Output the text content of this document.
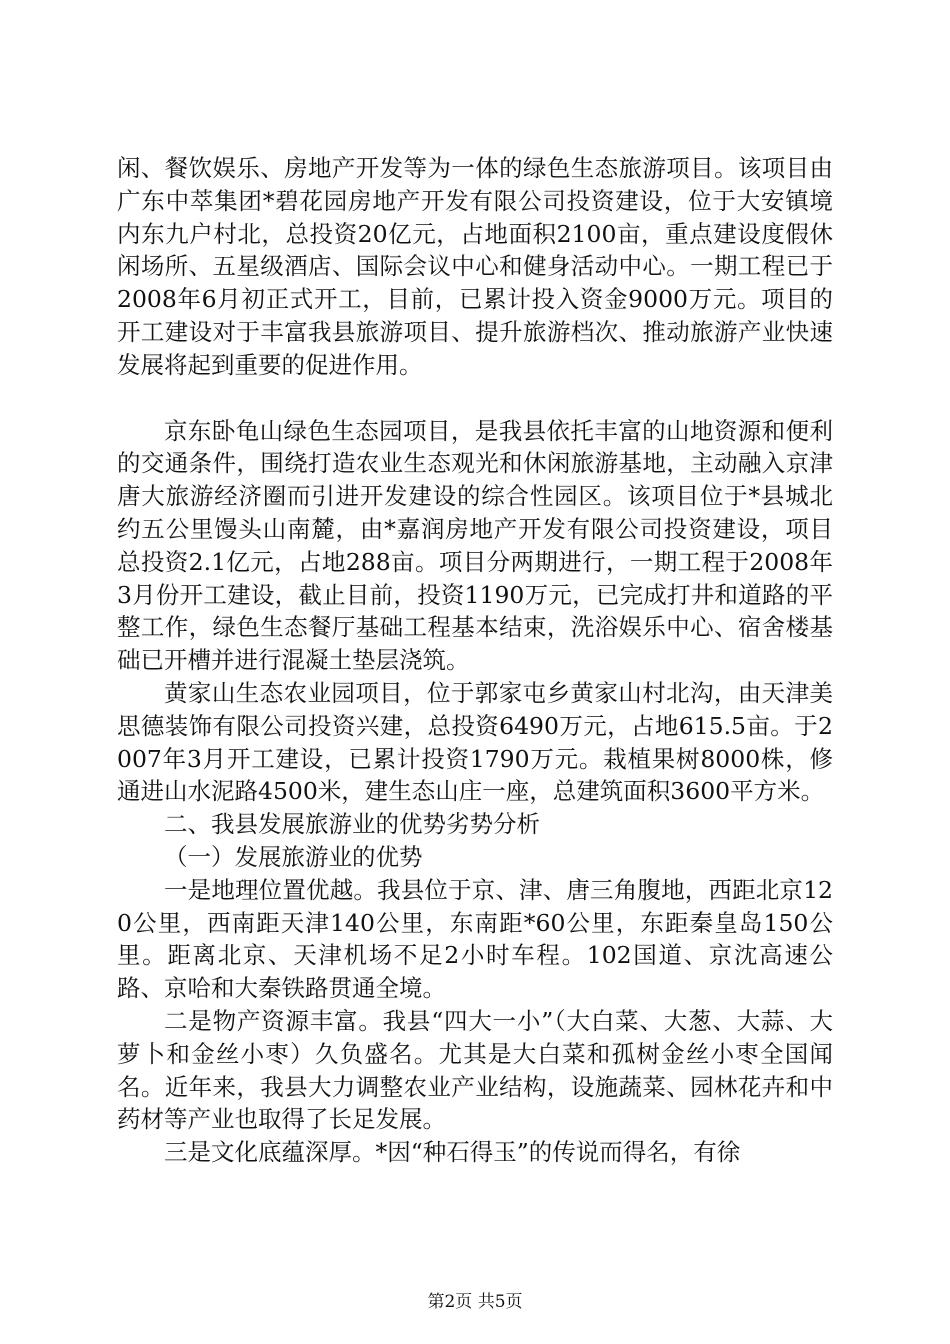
闲、餐饮娱乐、房地产开发等为一体的绿色生态旅游项目。该项目由广东中萃集团*碧花园房地产开发有限公司投资建设，位于大安镇境内东九户村北，总投资20亿元，占地面积2100亩，重点建设度假休闲场所、五星级酒店、国际会议中心和健身活动中心。一期工程已于2008年6月初正式开工，目前，已累计投入资金9000万元。项目的开工建设对于丰富我县旅游项目、提升旅游档次、推动旅游产业快速发展将起到重要的促进作用。

京东卧龟山绿色生态园项目，是我县依托丰富的山地资源和便利的交通条件，围绕打造农业生态观光和休闲旅游基地，主动融入京津唐大旅游经济圈而引进开发建设的综合性园区。该项目位于*县城北约五公里馒头山南麓，由*嘉润房地产开发有限公司投资建设，项目总投资2.1亿元，占地288亩。项目分两期进行，一期工程于2008年3月份开工建设，截止目前，投资1190万元，已完成打井和道路的平整工作，绿色生态餐厅基础工程基本结束，洗浴娱乐中心、宿舍楼基础已开槽并进行混凝土垫层浇筑。

黄家山生态农业园项目，位于郭家屯乡黄家山村北沟，由天津美思德装饰有限公司投资兴建，总投资6490万元，占地615.5亩。于2007年3月开工建设，已累计投资1790万元。栽植果树8000株，修通进山水泥路4500米，建生态山庄一座，总建筑面积3600平方米。

二、我县发展旅游业的优势劣势分析

（一）发展旅游业的优势

一是地理位置优越。我县位于京、津、唐三角腹地，西距北京120公里，西南距天津140公里，东南距*60公里，东距秦皇岛150公里。距离北京、天津机场不足2小时车程。102国道、京沈高速公路、京哈和大秦铁路贯通全境。

二是物产资源丰富。我县“四大一小”（大白菜、大葱、大蒜、大萝卜和金丝小枣）久负盛名。尤其是大白菜和孤树金丝小枣全国闻名。近年来，我县大力调整农业产业结构，设施蔬菜、园林花卉和中药材等产业也取得了长足发展。

三是文化底蕴深厚。*因“种石得玉”的传说而得名，有徐

第2页 共5页
